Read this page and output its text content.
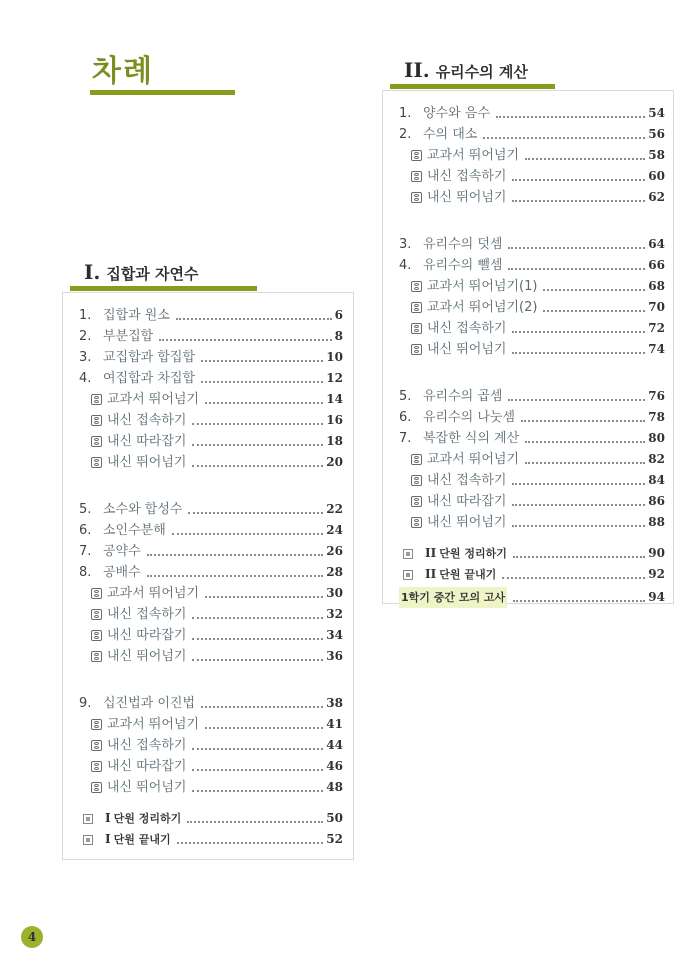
차례
I. 집합과 자연수
1. 집합과 원소	6
2. 부분집합	8
3. 교집합과 합집합	10
4. 여집합과 차집합	12
교과서 뛰어넘기	14
내신 접속하기	16
내신 따라잡기	18
내신 뛰어넘기	20
5. 소수와 합성수	22
6. 소인수분해	24
7. 공약수	26
8. 공배수	28
교과서 뛰어넘기	30
내신 접속하기	32
내신 따라잡기	34
내신 뛰어넘기	36
9. 십진법과 이진법	38
교과서 뛰어넘기	41
내신 접속하기	44
내신 따라잡기	46
내신 뛰어넘기	48
I 단원 정리하기	50
I 단원 끝내기	52
II. 유리수의 계산
1. 양수와 음수	54
2. 수의 대소	56
교과서 뛰어넘기	58
내신 접속하기	60
내신 뛰어넘기	62
3. 유리수의 덧셈	64
4. 유리수의 뺄셈	66
교과서 뛰어넘기(1)	68
교과서 뛰어넘기(2)	70
내신 접속하기	72
내신 뛰어넘기	74
5. 유리수의 곱셈	76
6. 유리수의 나눗셈	78
7. 복잡한 식의 계산	80
교과서 뛰어넘기	82
내신 접속하기	84
내신 따라잡기	86
내신 뛰어넘기	88
II 단원 정리하기	90
II 단원 끝내기	92
1학기 중간 모의 고사	94
4
